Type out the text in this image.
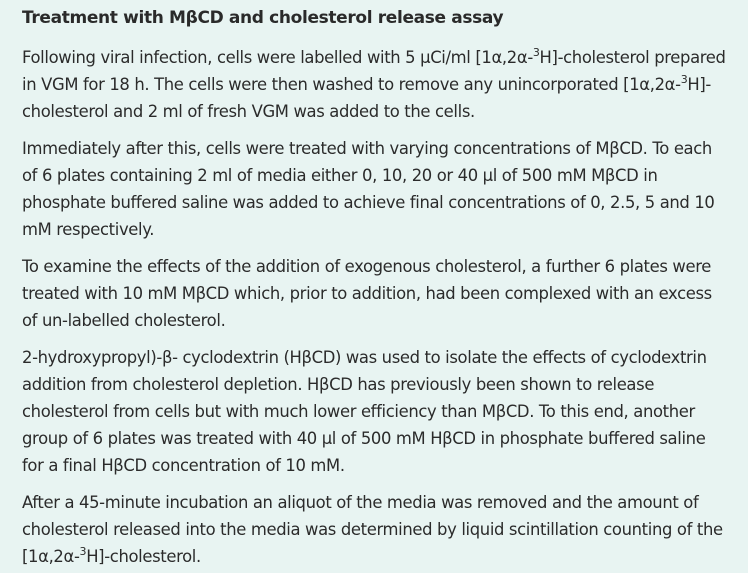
Treatment with MβCD and cholesterol release assay

Following viral infection, cells were labelled with 5 µCi/ml [1α,2α-$^3$H]-cholesterol prepared in VGM for 18 h. The cells were then washed to remove any unincorporated [1α,2α-$^3$H]-cholesterol and 2 ml of fresh VGM was added to the cells.

Immediately after this, cells were treated with varying concentrations of MβCD. To each of 6 plates containing 2 ml of media either 0, 10, 20 or 40 µl of 500 mM MβCD in phosphate buffered saline was added to achieve final concentrations of 0, 2.5, 5 and 10 mM respectively.

To examine the effects of the addition of exogenous cholesterol, a further 6 plates were treated with 10 mM MβCD which, prior to addition, had been complexed with an excess of un-labelled cholesterol.

2-hydroxypropyl)-β- cyclodextrin (HβCD) was used to isolate the effects of cyclodextrin addition from cholesterol depletion. HβCD has previously been shown to release cholesterol from cells but with much lower efficiency than MβCD. To this end, another group of 6 plates was treated with 40 µl of 500 mM HβCD in phosphate buffered saline for a final HβCD concentration of 10 mM.

After a 45-minute incubation an aliquot of the media was removed and the amount of cholesterol released into the media was determined by liquid scintillation counting of the [1α,2α-$^3$H]-cholesterol.
